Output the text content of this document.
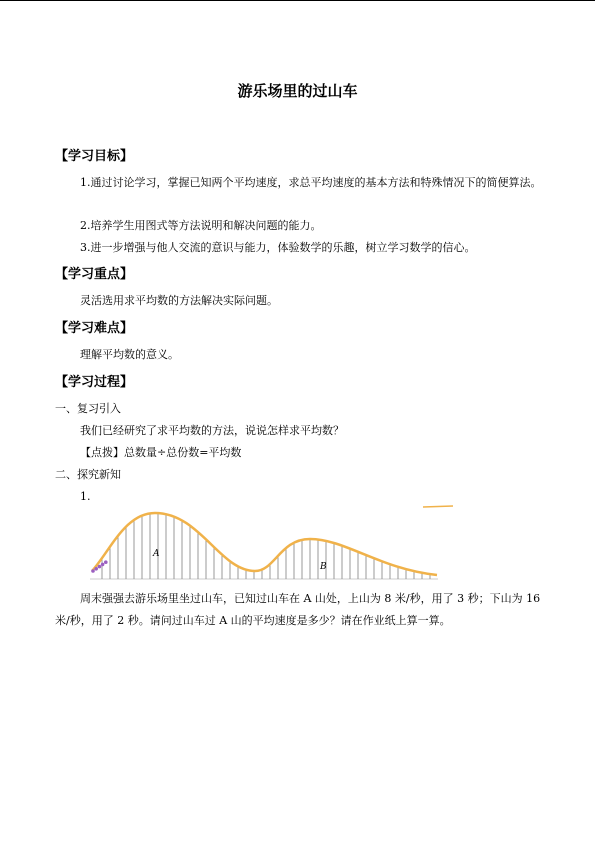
游乐场里的过山车
【学习目标】
1.通过讨论学习，掌握已知两个平均速度，求总平均速度的基本方法和特殊情况下的简便算法。
2.培养学生用图式等方法说明和解决问题的能力。
3.进一步增强与他人交流的意识与能力，体验数学的乐趣，树立学习数学的信心。
【学习重点】
灵活选用求平均数的方法解决实际问题。
【学习难点】
理解平均数的意义。
【学习过程】
一、复习引入
我们已经研究了求平均数的方法，说说怎样求平均数？
【点拨】总数量÷总份数=平均数
二、探究新知
1.
A
B
周末强强去游乐场里坐过山车，已知过山车在 A 山处，上山为 8 米/秒，用了 3 秒；下山为 16 米/秒，用了 2 秒。请问过山车过 A 山的平均速度是多少？请在作业纸上算一算。
